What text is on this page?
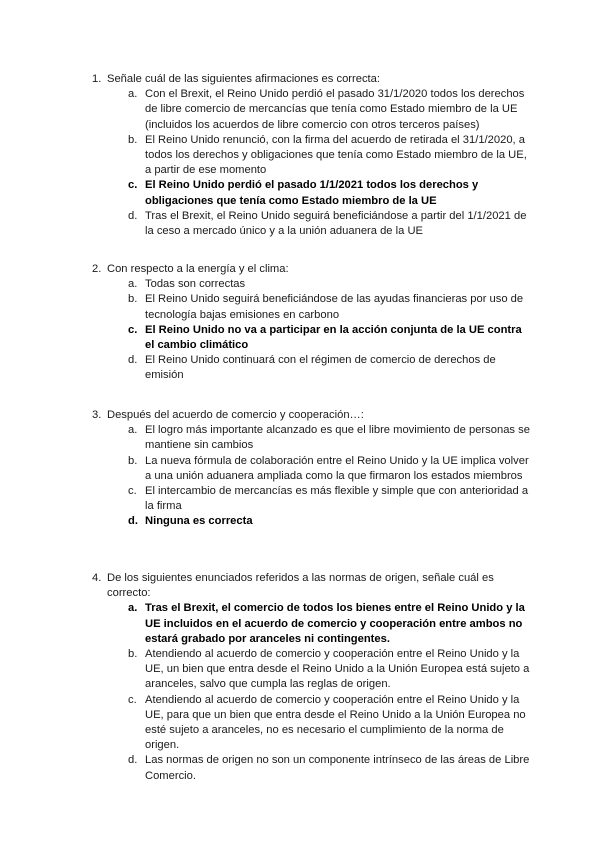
1. Señale cuál de las siguientes afirmaciones es correcta:
a. Con el Brexit, el Reino Unido perdió el pasado 31/1/2020 todos los derechos de libre comercio de mercancías que tenía como Estado miembro de la UE (incluidos los acuerdos de libre comercio con otros terceros países)
b. El Reino Unido renunció, con la firma del acuerdo de retirada el 31/1/2020, a todos los derechos y obligaciones que tenía como Estado miembro de la UE, a partir de ese momento
c. El Reino Unido perdió el pasado 1/1/2021 todos los derechos y obligaciones que tenía como Estado miembro de la UE
d. Tras el Brexit, el Reino Unido seguirá beneficiándose a partir del 1/1/2021 de la ceso a mercado único y a la unión aduanera de la UE
2. Con respecto a la energía y el clima:
a. Todas son correctas
b. El Reino Unido seguirá beneficiándose de las ayudas financieras por uso de tecnología bajas emisiones en carbono
c. El Reino Unido no va a participar en la acción conjunta de la UE contra el cambio climático
d. El Reino Unido continuará con el régimen de comercio de derechos de emisión
3. Después del acuerdo de comercio y cooperación…:
a. El logro más importante alcanzado es que el libre movimiento de personas se mantiene sin cambios
b. La nueva fórmula de colaboración entre el Reino Unido y la UE implica volver a una unión aduanera ampliada como la que firmaron los estados miembros
c. El intercambio de mercancías es más flexible y simple que con anterioridad a la firma
d. Ninguna es correcta
4. De los siguientes enunciados referidos a las normas de origen, señale cuál es correcto:
a. Tras el Brexit, el comercio de todos los bienes entre el Reino Unido y la UE incluidos en el acuerdo de comercio y cooperación entre ambos no estará grabado por aranceles ni contingentes.
b. Atendiendo al acuerdo de comercio y cooperación entre el Reino Unido y la UE, un bien que entra desde el Reino Unido a la Unión Europea está sujeto a aranceles, salvo que cumpla las reglas de origen.
c. Atendiendo al acuerdo de comercio y cooperación entre el Reino Unido y la UE, para que un bien que entra desde el Reino Unido a la Unión Europea no esté sujeto a aranceles, no es necesario el cumplimiento de la norma de origen.
d. Las normas de origen no son un componente intrínseco de las áreas de Libre Comercio.
